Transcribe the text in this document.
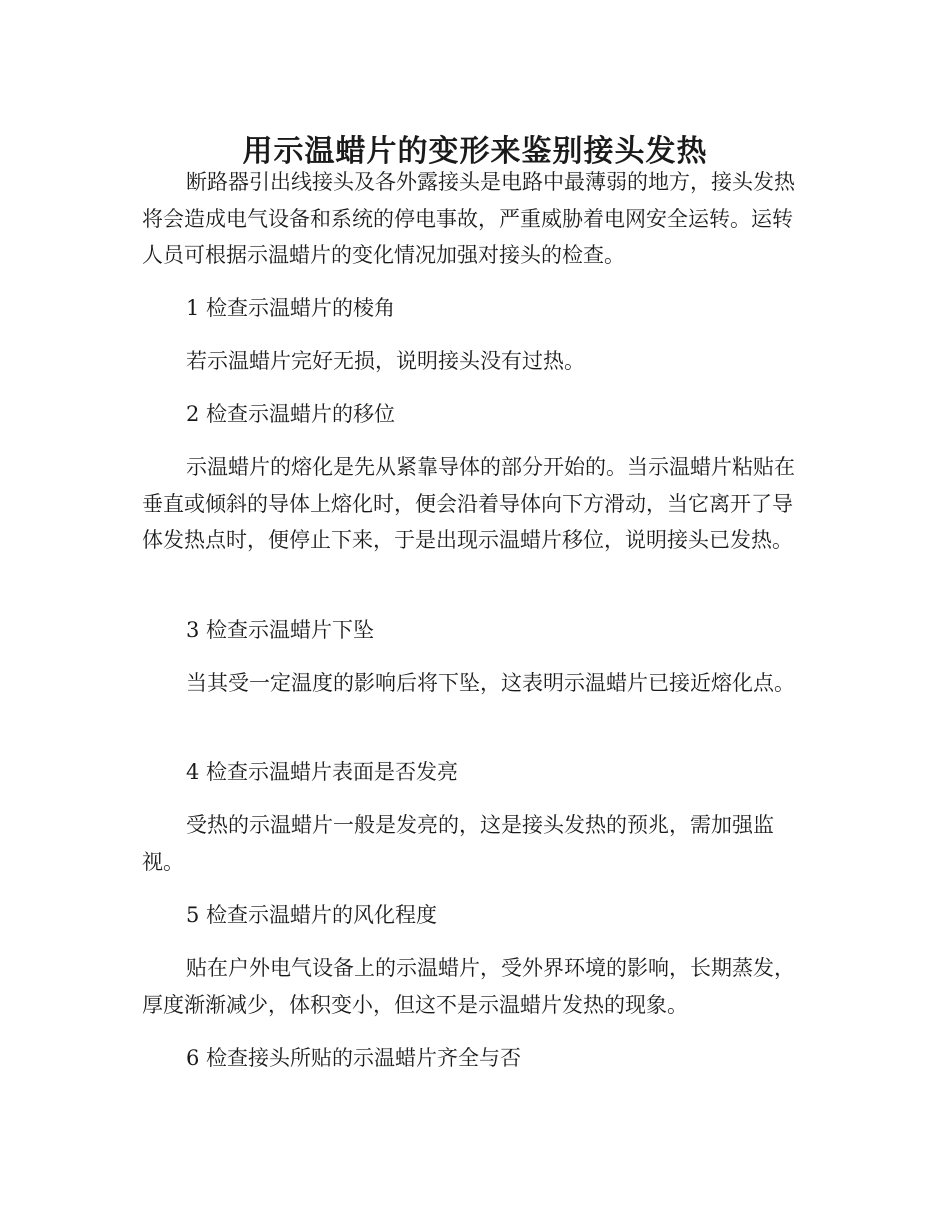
用示温蜡片的变形来鉴别接头发热

断路器引出线接头及各外露接头是电路中最薄弱的地方，接头发热将会造成电气设备和系统的停电事故，严重威胁着电网安全运转。运转人员可根据示温蜡片的变化情况加强对接头的检查。

1 检查示温蜡片的棱角

若示温蜡片完好无损，说明接头没有过热。

2 检查示温蜡片的移位

示温蜡片的熔化是先从紧靠导体的部分开始的。当示温蜡片粘贴在垂直或倾斜的导体上熔化时，便会沿着导体向下方滑动，当它离开了导体发热点时，便停止下来，于是出现示温蜡片移位，说明接头已发热。

3 检查示温蜡片下坠

当其受一定温度的影响后将下坠，这表明示温蜡片已接近熔化点。

4 检查示温蜡片表面是否发亮

受热的示温蜡片一般是发亮的，这是接头发热的预兆，需加强监视。

5 检查示温蜡片的风化程度

贴在户外电气设备上的示温蜡片，受外界环境的影响，长期蒸发，厚度渐渐减少，体积变小，但这不是示温蜡片发热的现象。

6 检查接头所贴的示温蜡片齐全与否
